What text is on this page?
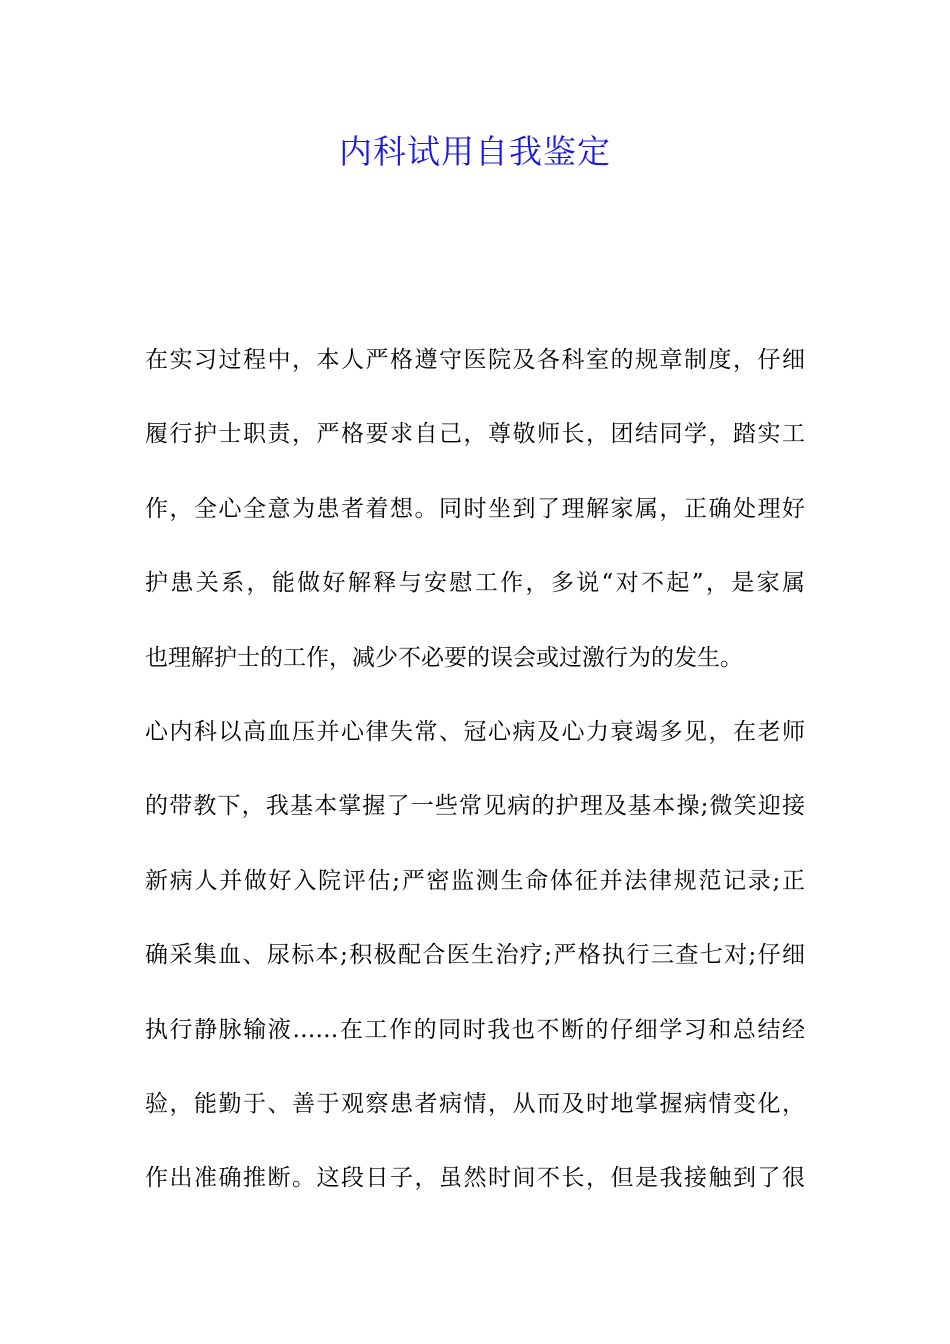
内科试用自我鉴定
在实习过程中，本人严格遵守医院及各科室的规章制度，仔细
履行护士职责，严格要求自己，尊敬师长，团结同学，踏实工
作，全心全意为患者着想。同时坐到了理解家属，正确处理好
护患关系，能做好解释与安慰工作，多说“对不起”，是家属
也理解护士的工作，减少不必要的误会或过激行为的发生。
心内科以高血压并心律失常、冠心病及心力衰竭多见，在老师
的带教下，我基本掌握了一些常见病的护理及基本操;微笑迎接
新病人并做好入院评估;严密监测生命体征并法律规范记录;正
确采集血、尿标本;积极配合医生治疗;严格执行三查七对;仔细
执行静脉输液……在工作的同时我也不断的仔细学习和总结经
验，能勤于、善于观察患者病情，从而及时地掌握病情变化，
作出准确推断。这段日子，虽然时间不长，但是我接触到了很
